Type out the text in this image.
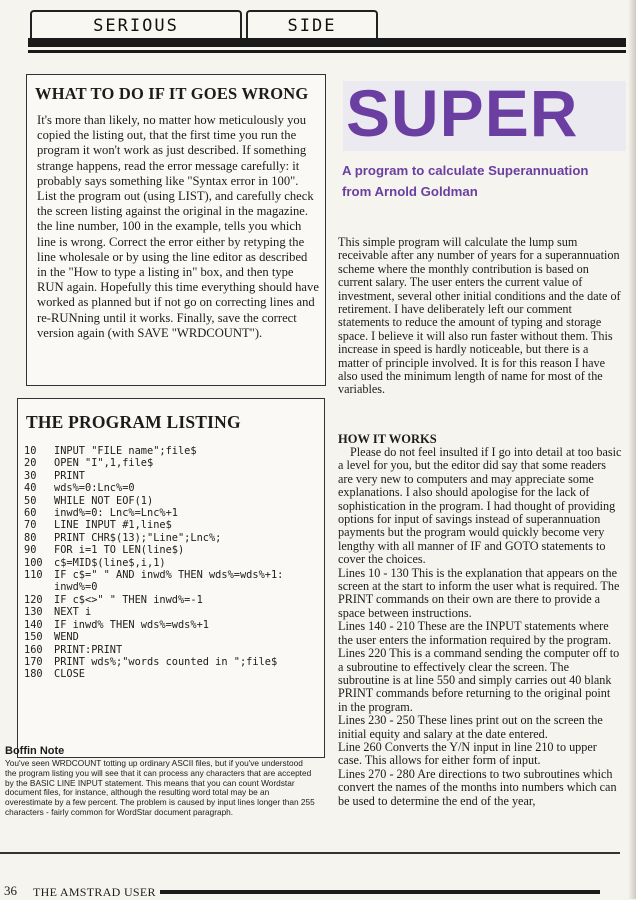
SERIOUS	SIDE
WHAT TO DO IF IT GOES WRONG
It's more than likely, no matter how meticulously you copied the listing out, that the first time you run the program it won't work as just described. If something strange happens, read the error message carefully: it probably says something like "Syntax error in 100". List the program out (using LIST), and carefully check the screen listing against the original in the magazine. the line number, 100 in the example, tells you which line is wrong. Correct the error either by retyping the line wholesale or by using the line editor as described in the "How to type a listing in" box, and then type RUN again. Hopefully this time everything should have worked as planned but if not go on correcting lines and re-RUNning until it works. Finally, save the correct version again (with SAVE "WRDCOUNT").
THE PROGRAM LISTING
10	INPUT "FILE name";file$
20	OPEN "I",1,file$
30	PRINT
40	wds%=0:Lnc%=0
50	WHILE NOT EOF(1)
60	inwd%=0: Lnc%=Lnc%+1
70	LINE INPUT #1,line$
80	PRINT CHR$(13);"Line";Lnc%;
90	FOR i=1 TO LEN(line$)
100	c$=MID$(line$,i,1)
110	IF c$=" " AND inwd% THEN wds%=wds%+1: inwd%=0
120	IF c$<>" " THEN inwd%=-1
130	NEXT i
140	IF inwd% THEN wds%=wds%+1
150	WEND
160	PRINT:PRINT
170	PRINT wds%;"words counted in ";file$
180	CLOSE
Boffin Note
You've seen WRDCOUNT totting up ordinary ASCII files, but if you've understood the program listing you will see that it can process any characters that are accepted by the BASIC LINE INPUT statement. This means that you can count Wordstar document files, for instance, although the resulting word total may be an overestimate by a few percent. The problem is caused by input lines longer than 255 characters - fairly common for WordStar document paragraph.
SUPER
A program to calculate Superannuation
from Arnold Goldman
This simple program will calculate the lump sum receivable after any number of years for a superannuation scheme where the monthly contribution is based on current salary. The user enters the current value of investment, several other initial conditions and the date of retirement. I have deliberately left our comment statements to reduce the amount of typing and storage space. I believe it will also run faster without them. This increase in speed is hardly noticeable, but there is a matter of principle involved. It is for this reason I have also used the minimum length of name for most of the variables.
HOW IT WORKS

Please do not feel insulted if I go into detail at too basic a level for you, but the editor did say that some readers are very new to computers and may appreciate some explanations. I also should apologise for the lack of sophistication in the program. I had thought of providing options for input of savings instead of superannuation payments but the program would quickly become very lengthy with all manner of IF and GOTO statements to cover the choices.

Lines 10 - 130 This is the explanation that appears on the screen at the start to inform the user what is required. The PRINT commands on their own are there to provide a space between instructions.

Lines 140 - 210 These are the INPUT statements where the user enters the information required by the program.

Lines 220 This is a command sending the computer off to a subroutine to effectively clear the screen. The subroutine is at line 550 and simply carries out 40 blank PRINT commands before returning to the original point in the program.

Lines 230 - 250 These lines print out on the screen the initial equity and salary at the date entered.

Line 260 Converts the Y/N input in line 210 to upper case. This allows for either form of input.

Lines 270 - 280 Are directions to two subroutines which convert the names of the months into numbers which can be used to determine the end of the year,

36 THE AMSTRAD USER
